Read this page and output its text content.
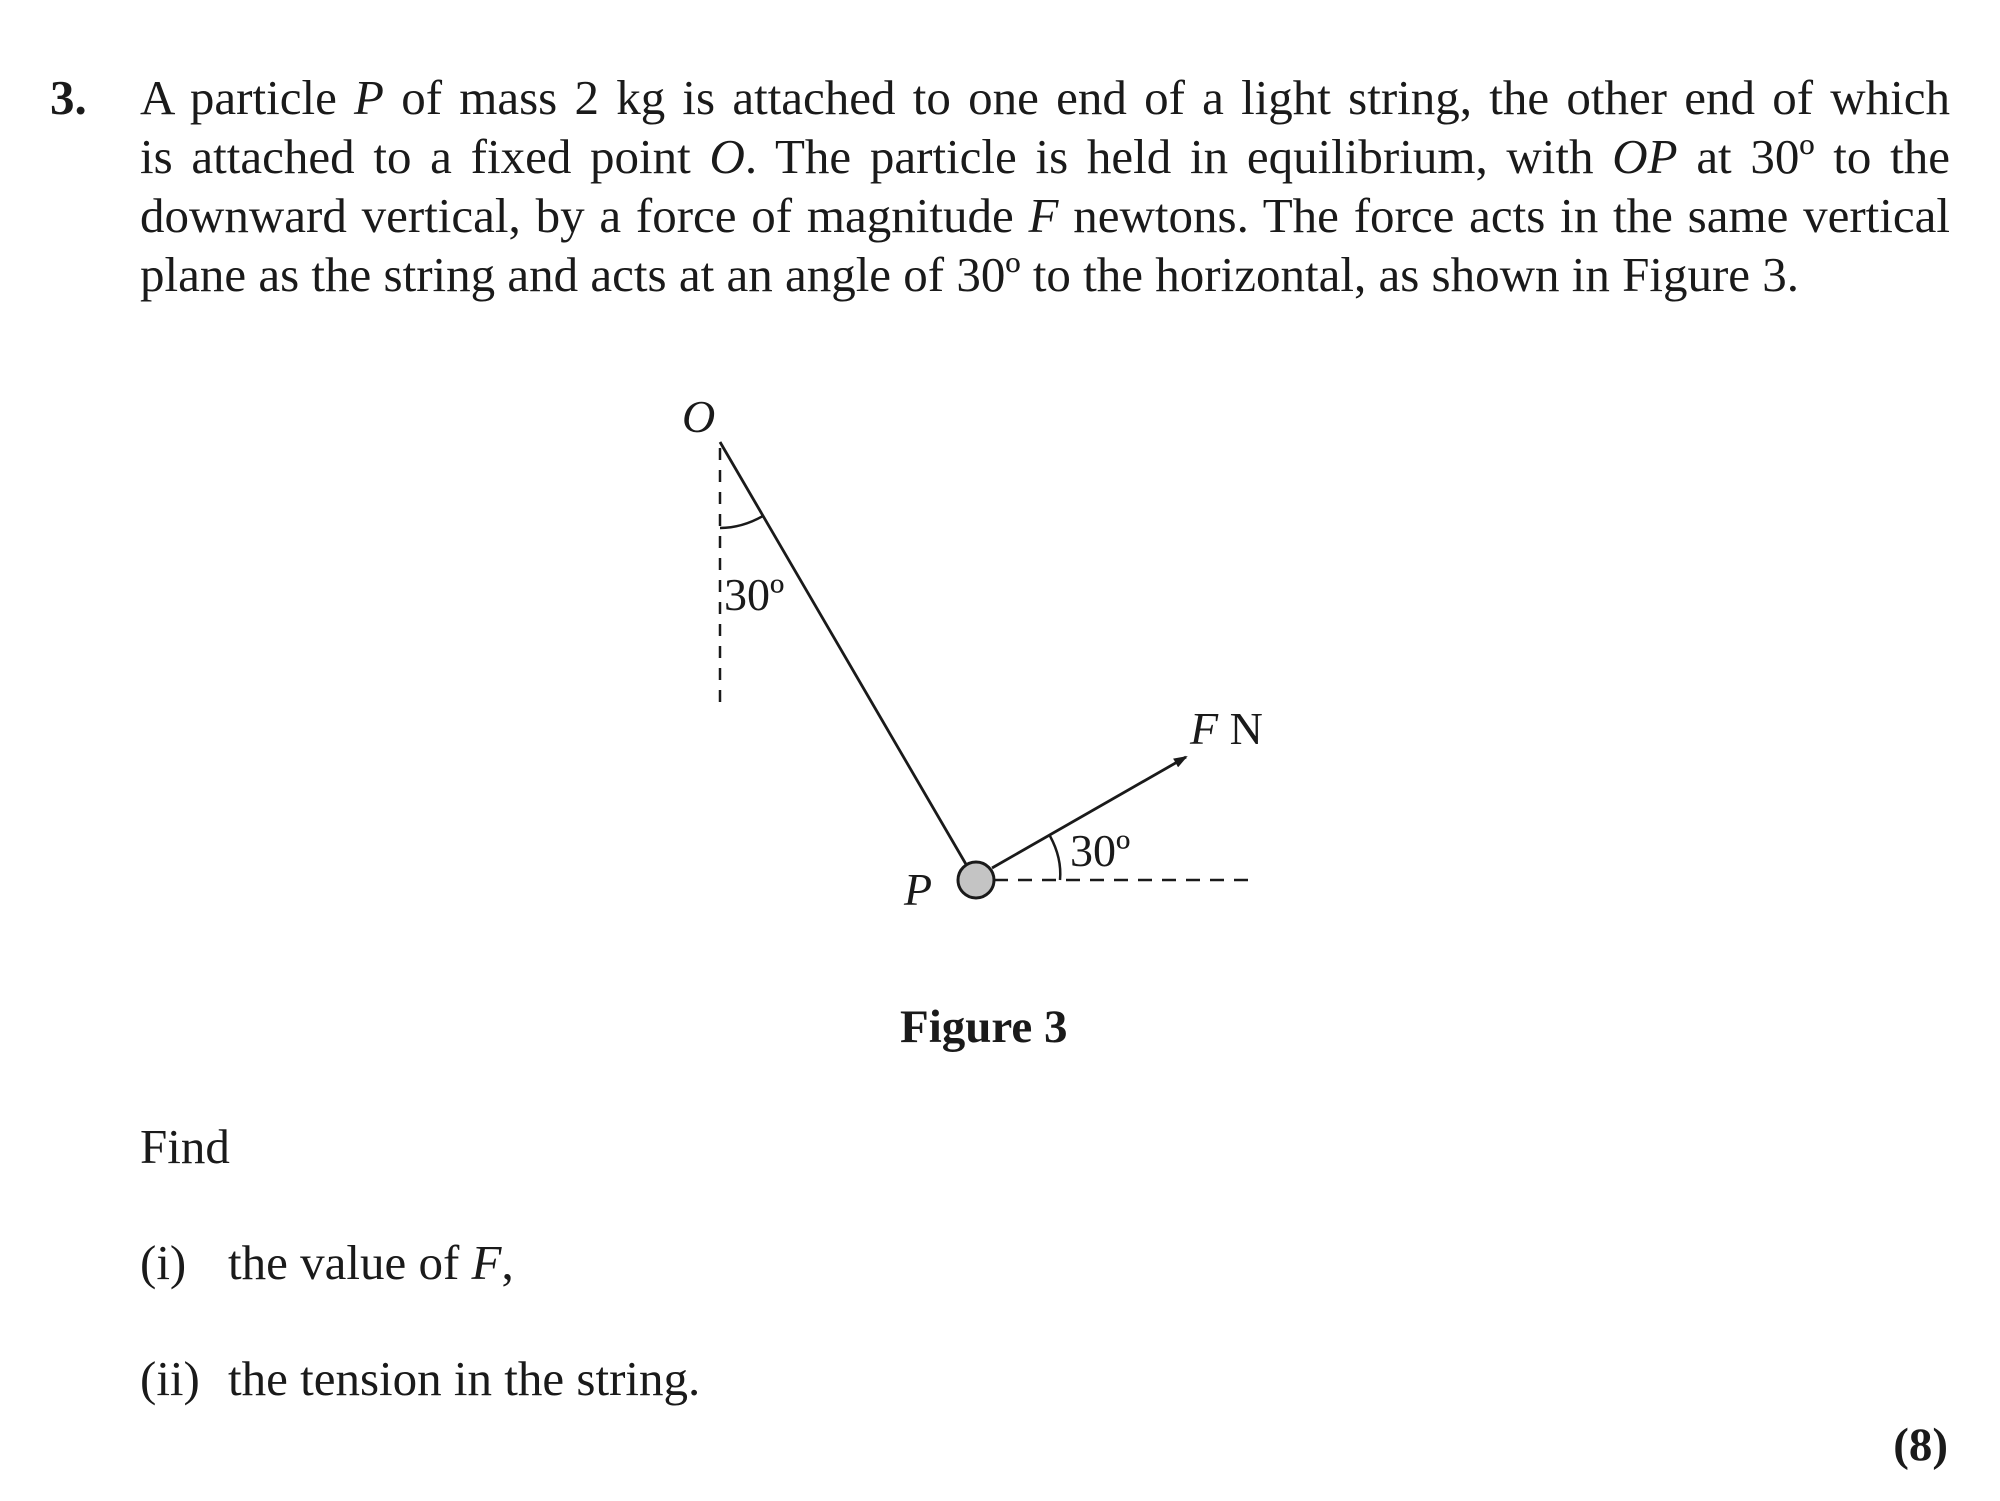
3. A particle P of mass 2 kg is attached to one end of a light string, the other end of which
is attached to a fixed point O. The particle is held in equilibrium, with OP at 30º to the
downward vertical, by a force of magnitude F newtons. The force acts in the same vertical
plane as the string and acts at an angle of 30º to the horizontal, as shown in Figure 3.
O
30º
P
30º
F N
Figure 3
Find
(i) the value of F,
(ii) the tension in the string.
(8)
